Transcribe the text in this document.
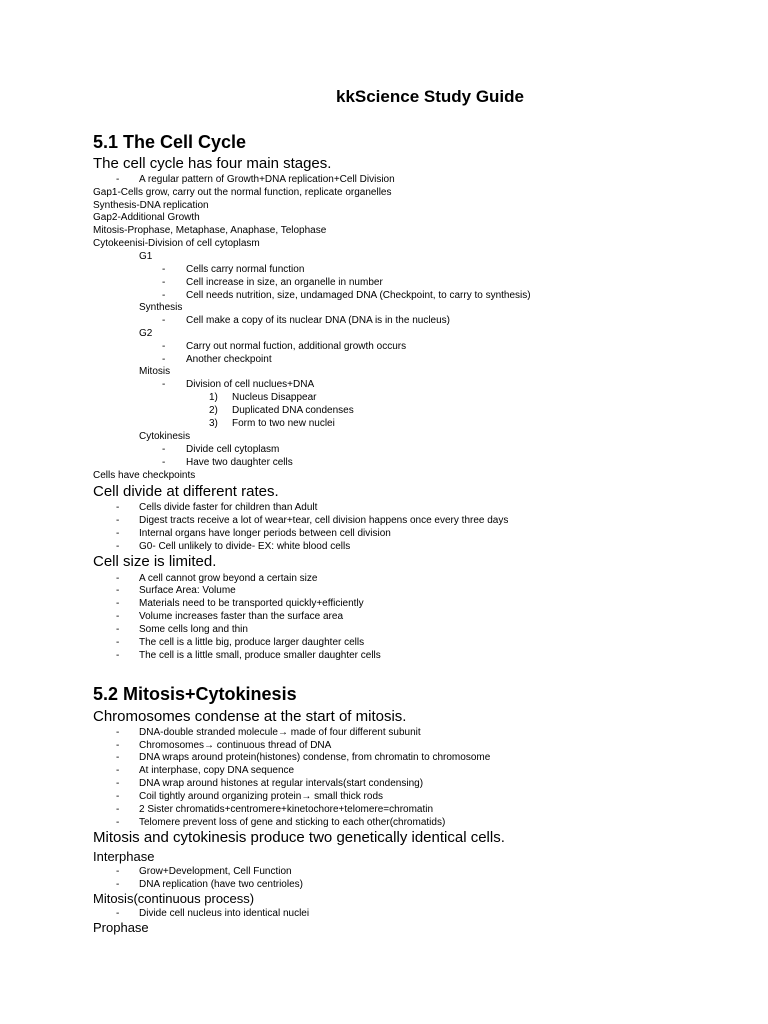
kkScience Study Guide
5.1 The Cell Cycle
The cell cycle has four main stages.
- A regular pattern of Growth+DNA replication+Cell Division
Gap1-Cells grow, carry out the normal function, replicate organelles
Synthesis-DNA replication
Gap2-Additional Growth
Mitosis-Prophase, Metaphase, Anaphase, Telophase
Cytokeenisi-Division of cell cytoplasm
G1
- Cells carry normal function
- Cell increase in size, an organelle in number
- Cell needs nutrition, size, undamaged DNA (Checkpoint, to carry to synthesis)
Synthesis
- Cell make a copy of its nuclear DNA (DNA is in the nucleus)
G2
- Carry out normal fuction, additional growth occurs
- Another checkpoint
Mitosis
- Division of cell nuclues+DNA
1) Nucleus Disappear
2) Duplicated DNA condenses
3) Form to two new nuclei
Cytokinesis
- Divide cell cytoplasm
- Have two daughter cells
Cells have checkpoints
Cell divide at different rates.
- Cells divide faster for children than Adult
- Digest tracts receive a lot of wear+tear, cell division happens once every three days
- Internal organs have longer periods between cell division
- G0- Cell unlikely to divide- EX: white blood cells
Cell size is limited.
- A cell cannot grow beyond a certain size
- Surface Area: Volume
- Materials need to be transported quickly+efficiently
- Volume increases faster than the surface area
- Some cells long and thin
- The cell is a little big, produce larger daughter cells
- The cell is a little small, produce smaller daughter cells
5.2 Mitosis+Cytokinesis
Chromosomes condense at the start of mitosis.
- DNA-double stranded molecule→ made of four different subunit
- Chromosomes→ continuous thread of DNA
- DNA wraps around protein(histones) condense, from chromatin to chromosome
- At interphase, copy DNA sequence
- DNA wrap around histones at regular intervals(start condensing)
- Coil tightly around organizing protein→ small thick rods
- 2 Sister chromatids+centromere+kinetochore+telomere=chromatin
- Telomere prevent loss of gene and sticking to each other(chromatids)
Mitosis and cytokinesis produce two genetically identical cells.
Interphase
- Grow+Development, Cell Function
- DNA replication (have two centrioles)
Mitosis(continuous process)
- Divide cell nucleus into identical nuclei
Prophase
